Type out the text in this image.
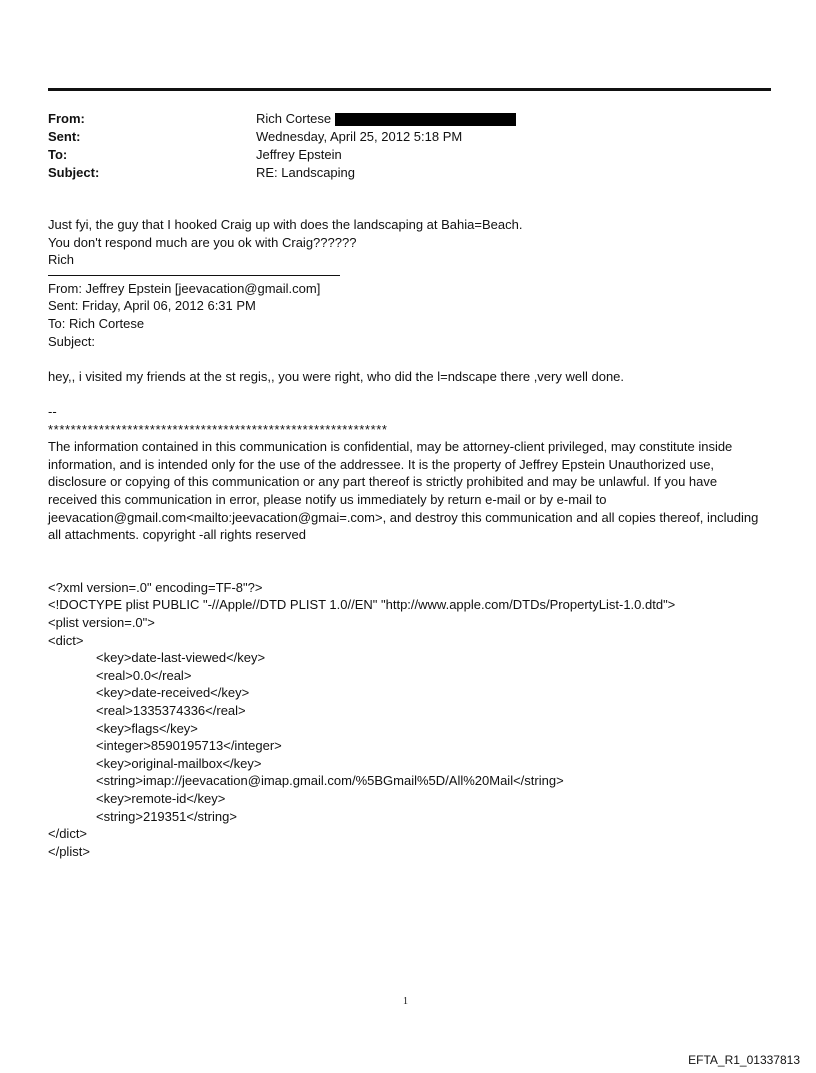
From:	Rich Cortese
Sent:	Wednesday, April 25, 2012 5:18 PM
To:	Jeffrey Epstein
Subject:	RE: Landscaping

Just fyi, the guy that I hooked Craig up with does the landscaping at Bahia=Beach.

You don't respond much are you ok with Craig??????

Rich

From: Jeffrey Epstein [jeevacation@gmail.com]

Sent: Friday, April 06, 2012 6:31 PM

To: Rich Cortese

Subject:

hey,, i visited my friends at the st regis,, you were right, who did the l=ndscape there ,very well done.

--

************************************************************

The information contained in this communication is confidential, may be attorney-client privileged, may constitute inside information, and is intended only for the use of the addressee. It is the property of Jeffrey Epstein Unauthorized use, disclosure or copying of this communication or any part thereof is strictly prohibited and may be unlawful. If you have received this communication in error, please notify us immediately by return e-mail or by e-mail to jeevacation@gmail.com<mailto:jeevacation@gmai=.com>, and destroy this communication and all copies thereof, including all attachments. copyright -all rights reserved

<?xml version=.0" encoding=TF-8"?>
<!DOCTYPE plist PUBLIC "-//Apple//DTD PLIST 1.0//EN" "http://www.apple.com/DTDs/PropertyList-1.0.dtd">
<plist version=.0">
<dict>
<key>date-last-viewed</key>
<real>0.0</real>
<key>date-received</key>
<real>1335374336</real>
<key>flags</key>
<integer>8590195713</integer>
<key>original-mailbox</key>
<string>imap://jeevacation@imap.gmail.com/%5BGmail%5D/All%20Mail</string>
<key>remote-id</key>
<string>219351</string>
</dict>
</plist>
1
EFTA_R1_01337813
